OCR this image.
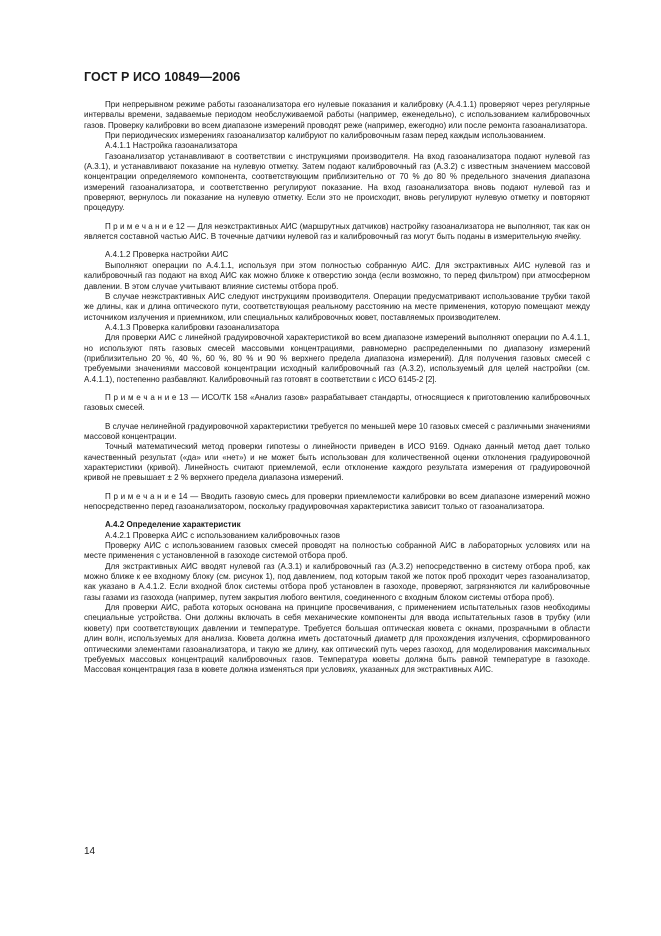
ГОСТ Р ИСО 10849—2006

При непрерывном режиме работы газоанализатора его нулевые показания и калибровку (А.4.1.1) проверяют через регулярные интервалы времени, задаваемые периодом необслуживаемой работы (например, еженедельно), с использованием калибровочных газов. Проверку калибровки во всем диапазоне измерений проводят реже (например, ежегодно) или после ремонта газоанализатора.

При периодических измерениях газоанализатор калибруют по калибровочным газам перед каждым использованием.

А.4.1.1 Настройка газоанализатора

Газоанализатор устанавливают в соответствии с инструкциями производителя. На вход газоанализатора подают нулевой газ (А.3.1), и устанавливают показание на нулевую отметку. Затем подают калибровочный газ (А.3.2) с известным значением массовой концентрации определяемого компонента, соответствующим приблизительно от 70 % до 80 % предельного значения диапазона измерений газоанализатора, и соответственно регулируют показание. На вход газоанализатора вновь подают нулевой газ и проверяют, вернулось ли показание на нулевую отметку. Если это не происходит, вновь регулируют нулевую отметку и повторяют процедуру.

П р и м е ч а н и е 12 — Для неэкстрактивных АИС (маршрутных датчиков) настройку газоанализатора не выполняют, так как он является составной частью АИС. В точечные датчики нулевой газ и калибровочный газ могут быть поданы в измерительную ячейку.

А.4.1.2 Проверка настройки АИС

Выполняют операции по А.4.1.1, используя при этом полностью собранную АИС. Для экстрактивных АИС нулевой газ и калибровочный газ подают на вход АИС как можно ближе к отверстию зонда (если возможно, то перед фильтром) при атмосферном давлении. В этом случае учитывают влияние системы отбора проб.

В случае неэкстрактивных АИС следуют инструкциям производителя. Операции предусматривают использование трубки такой же длины, как и длина оптического пути, соответствующая реальному расстоянию на месте применения, которую помещают между источником излучения и приемником, или специальных калибровочных кювет, поставляемых производителем.

А.4.1.3 Проверка калибровки газоанализатора

Для проверки АИС с линейной градуировочной характеристикой во всем диапазоне измерений выполняют операции по А.4.1.1, но используют пять газовых смесей массовыми концентрациями, равномерно распределенными по диапазону измерений (приблизительно 20 %, 40 %, 60 %, 80 % и 90 % верхнего предела диапазона измерений). Для получения газовых смесей с требуемыми значениями массовой концентрации исходный калибровочный газ (А.3.2), используемый для целей настройки (см. А.4.1.1), постепенно разбавляют. Калибровочный газ готовят в соответствии с ИСО 6145-2 [2].

П р и м е ч а н и е 13 — ИСО/ТК 158 «Анализ газов» разрабатывает стандарты, относящиеся к приготовлению калибровочных газовых смесей.

В случае нелинейной градуировочной характеристики требуется по меньшей мере 10 газовых смесей с различными значениями массовой концентрации.

Точный математический метод проверки гипотезы о линейности приведен в ИСО 9169. Однако данный метод дает только качественный результат («да» или «нет») и не может быть использован для количественной оценки отклонения градуировочной характеристики (кривой). Линейность считают приемлемой, если отклонение каждого результата измерения от градуировочной кривой не превышает ± 2 % верхнего предела диапазона измерений.

П р и м е ч а н и е 14 — Вводить газовую смесь для проверки приемлемости калибровки во всем диапазоне измерений можно непосредственно перед газоанализатором, поскольку градуировочная характеристика зависит только от газоанализатора.

А.4.2 Определение характеристик

А.4.2.1 Проверка АИС с использованием калибровочных газов

Проверку АИС с использованием газовых смесей проводят на полностью собранной АИС в лабораторных условиях или на месте применения с установленной в газоходе системой отбора проб.

Для экстрактивных АИС вводят нулевой газ (А.3.1) и калибровочный газ (А.3.2) непосредственно в систему отбора проб, как можно ближе к ее входному блоку (см. рисунок 1), под давлением, под которым такой же поток проб проходит через газоанализатор, как указано в А.4.1.2. Если входной блок системы отбора проб установлен в газоходе, проверяют, загрязняются ли калибровочные газы газами из газохода (например, путем закрытия любого вентиля, соединенного с входным блоком системы отбора проб).

Для проверки АИС, работа которых основана на принципе просвечивания, с применением испытательных газов необходимы специальные устройства. Они должны включать в себя механические компоненты для ввода испытательных газов в трубку (или кювету) при соответствующих давлении и температуре. Требуется большая оптическая кювета с окнами, прозрачными в области длин волн, используемых для анализа. Кювета должна иметь достаточный диаметр для прохождения излучения, сформированного оптическими элементами газоанализатора, и такую же длину, как оптический путь через газоход, для моделирования максимальных требуемых массовых концентраций калибровочных газов. Температура кюветы должна быть равной температуре в газоходе. Массовая концентрация газа в кювете должна изменяться при условиях, указанных для экстрактивных АИС.

14
